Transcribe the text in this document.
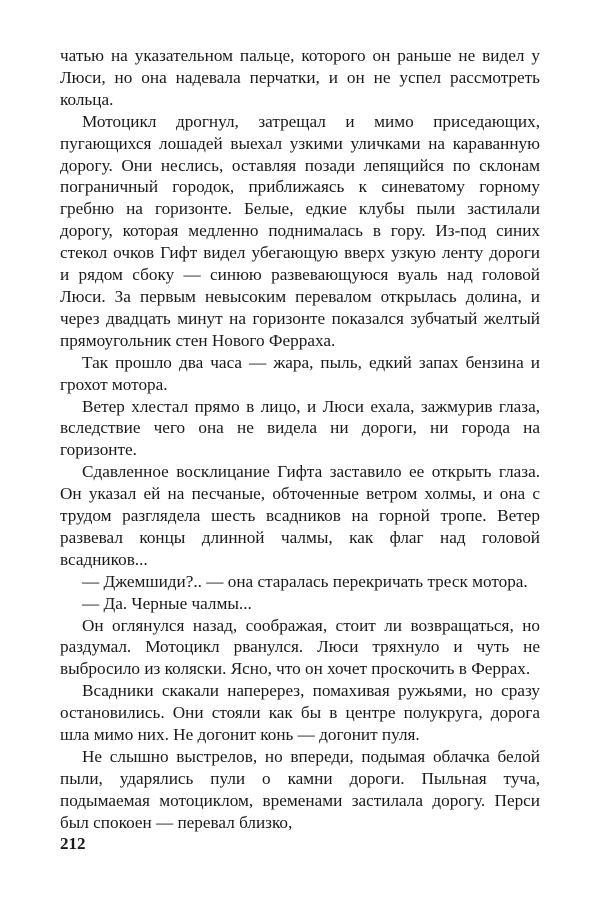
чатью на указательном пальце, которого он раньше не видел у Люси, но она надевала перчатки, и он не успел рассмотреть кольца.

Мотоцикл дрогнул, затрещал и мимо приседающих, пугающихся лошадей выехал узкими уличками на караванную дорогу. Они неслись, оставляя позади лепящийся по склонам пограничный городок, приближаясь к синеватому горному гребню на горизонте. Белые, едкие клубы пыли застилали дорогу, которая медленно поднималась в гору. Из-под синих стекол очков Гифт видел убегающую вверх узкую ленту дороги и рядом сбоку — синюю развевающуюся вуаль над головой Люси. За первым невысоким перевалом открылась долина, и через двадцать минут на горизонте показался зубчатый желтый прямоугольник стен Нового Ферраха.

Так прошло два часа — жара, пыль, едкий запах бензина и грохот мотора.

Ветер хлестал прямо в лицо, и Люси ехала, зажмурив глаза, вследствие чего она не видела ни дороги, ни города на горизонте.

Сдавленное восклицание Гифта заставило ее открыть глаза. Он указал ей на песчаные, обточенные ветром холмы, и она с трудом разглядела шесть всадников на горной тропе. Ветер развевал концы длинной чалмы, как флаг над головой всадников...

— Джемшиди?.. — она старалась перекричать треск мотора.

— Да. Черные чалмы...

Он оглянулся назад, соображая, стоит ли возвращаться, но раздумал. Мотоцикл рванулся. Люси тряхнуло и чуть не выбросило из коляски. Ясно, что он хочет проскочить в Феррах.

Всадники скакали наперерез, помахивая ружьями, но сразу остановились. Они стояли как бы в центре полукруга, дорога шла мимо них. Не догонит конь — догонит пуля.

Не слышно выстрелов, но впереди, подымая облачка белой пыли, ударялись пули о камни дороги. Пыльная туча, подымаемая мотоциклом, временами застилала дорогу. Перси был спокоен — перевал близко,

212
